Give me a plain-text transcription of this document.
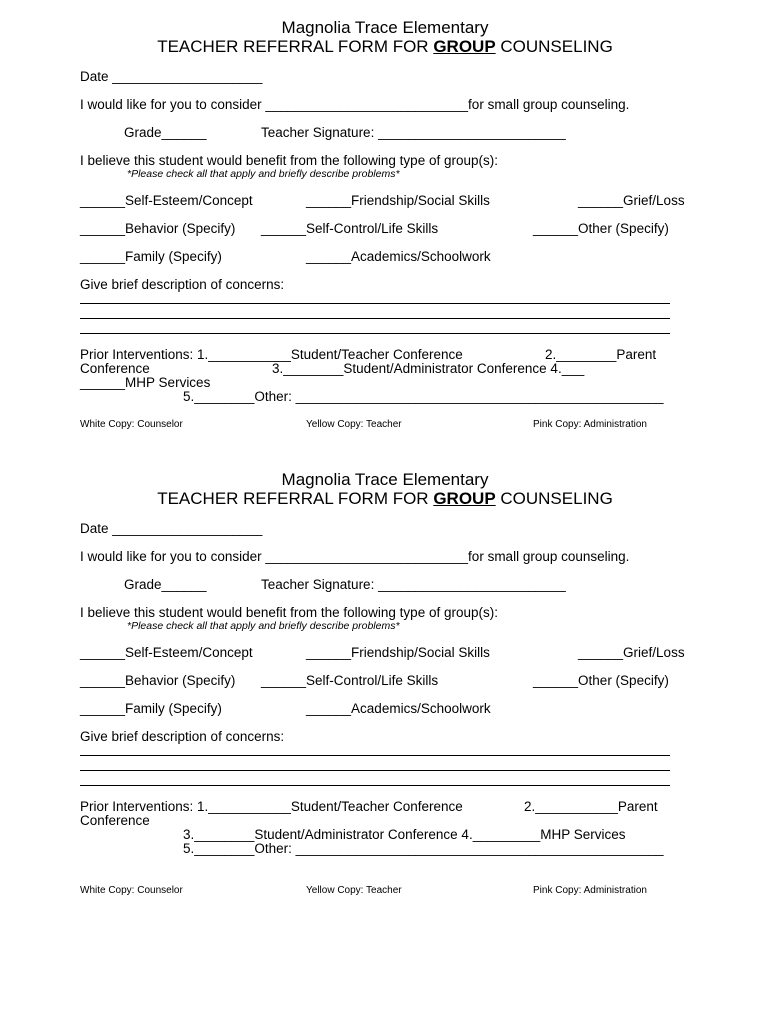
Magnolia Trace Elementary
TEACHER REFERRAL FORM FOR GROUP COUNSELING
Date ____________________
I would like for you to consider ___________________________for small group counseling.
Grade______	Teacher Signature: _________________________
I believe this student would benefit from the following type of group(s):
*Please check all that apply and briefly describe problems*
______Self-Esteem/Concept	______Friendship/Social Skills	______Grief/Loss
______Behavior (Specify) ______Self-Control/Life Skills	______Other (Specify)
______Family (Specify)	______Academics/Schoolwork
Give brief description of concerns:
Prior Interventions: 1.___________Student/Teacher Conference	2.________Parent
Conference	3.________Student/Administrator Conference 4.___
______MHP Services
5.________Other: _________________________________________________
White Copy: Counselor	Yellow Copy: Teacher	Pink Copy: Administration
Magnolia Trace Elementary
TEACHER REFERRAL FORM FOR GROUP COUNSELING
Date ____________________
I would like for you to consider ___________________________for small group counseling.
Grade______	Teacher Signature: _________________________
I believe this student would benefit from the following type of group(s):
*Please check all that apply and briefly describe problems*
______Self-Esteem/Concept	______Friendship/Social Skills	______Grief/Loss
______Behavior (Specify) ______Self-Control/Life Skills	______Other (Specify)
______Family (Specify)	______Academics/Schoolwork
Give brief description of concerns:
Prior Interventions: 1.___________Student/Teacher Conference	2.___________Parent
Conference
3.________Student/Administrator Conference 4._________MHP Services
5.________Other: _________________________________________________
White Copy: Counselor	Yellow Copy: Teacher	Pink Copy: Administration
